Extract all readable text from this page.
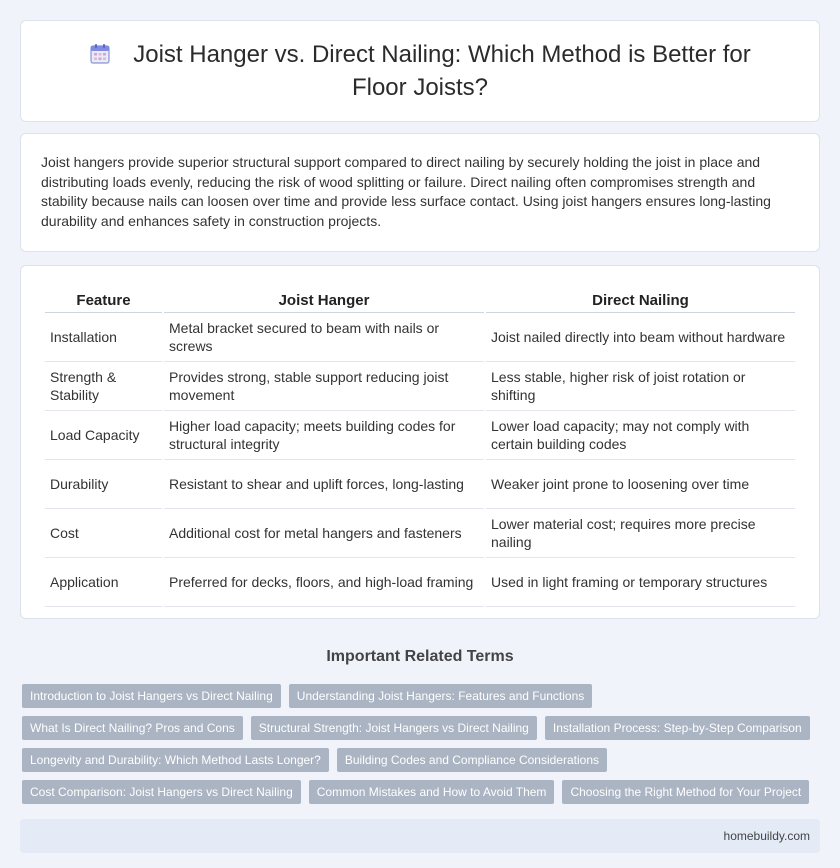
Joist Hanger vs. Direct Nailing: Which Method is Better for Floor Joists?

Joist hangers provide superior structural support compared to direct nailing by securely holding the joist in place and distributing loads evenly, reducing the risk of wood splitting or failure. Direct nailing often compromises strength and stability because nails can loosen over time and provide less surface contact. Using joist hangers ensures long-lasting durability and enhances safety in construction projects.

Feature	Joist Hanger	Direct Nailing
Installation	Metal bracket secured to beam with nails or screws	Joist nailed directly into beam without hardware
Strength & Stability	Provides strong, stable support reducing joist movement	Less stable, higher risk of joist rotation or shifting
Load Capacity	Higher load capacity; meets building codes for structural integrity	Lower load capacity; may not comply with certain building codes
Durability	Resistant to shear and uplift forces, long-lasting	Weaker joint prone to loosening over time
Cost	Additional cost for metal hangers and fasteners	Lower material cost; requires more precise nailing
Application	Preferred for decks, floors, and high-load framing	Used in light framing or temporary structures
Important Related Terms
Introduction to Joist Hangers vs Direct Nailing	Understanding Joist Hangers: Features and Functions
What Is Direct Nailing? Pros and Cons	Structural Strength: Joist Hangers vs Direct Nailing	Installation Process: Step-by-Step Comparison
Longevity and Durability: Which Method Lasts Longer?	Building Codes and Compliance Considerations
Cost Comparison: Joist Hangers vs Direct Nailing	Common Mistakes and How to Avoid Them	Choosing the Right Method for Your Project
homebuildy.com
